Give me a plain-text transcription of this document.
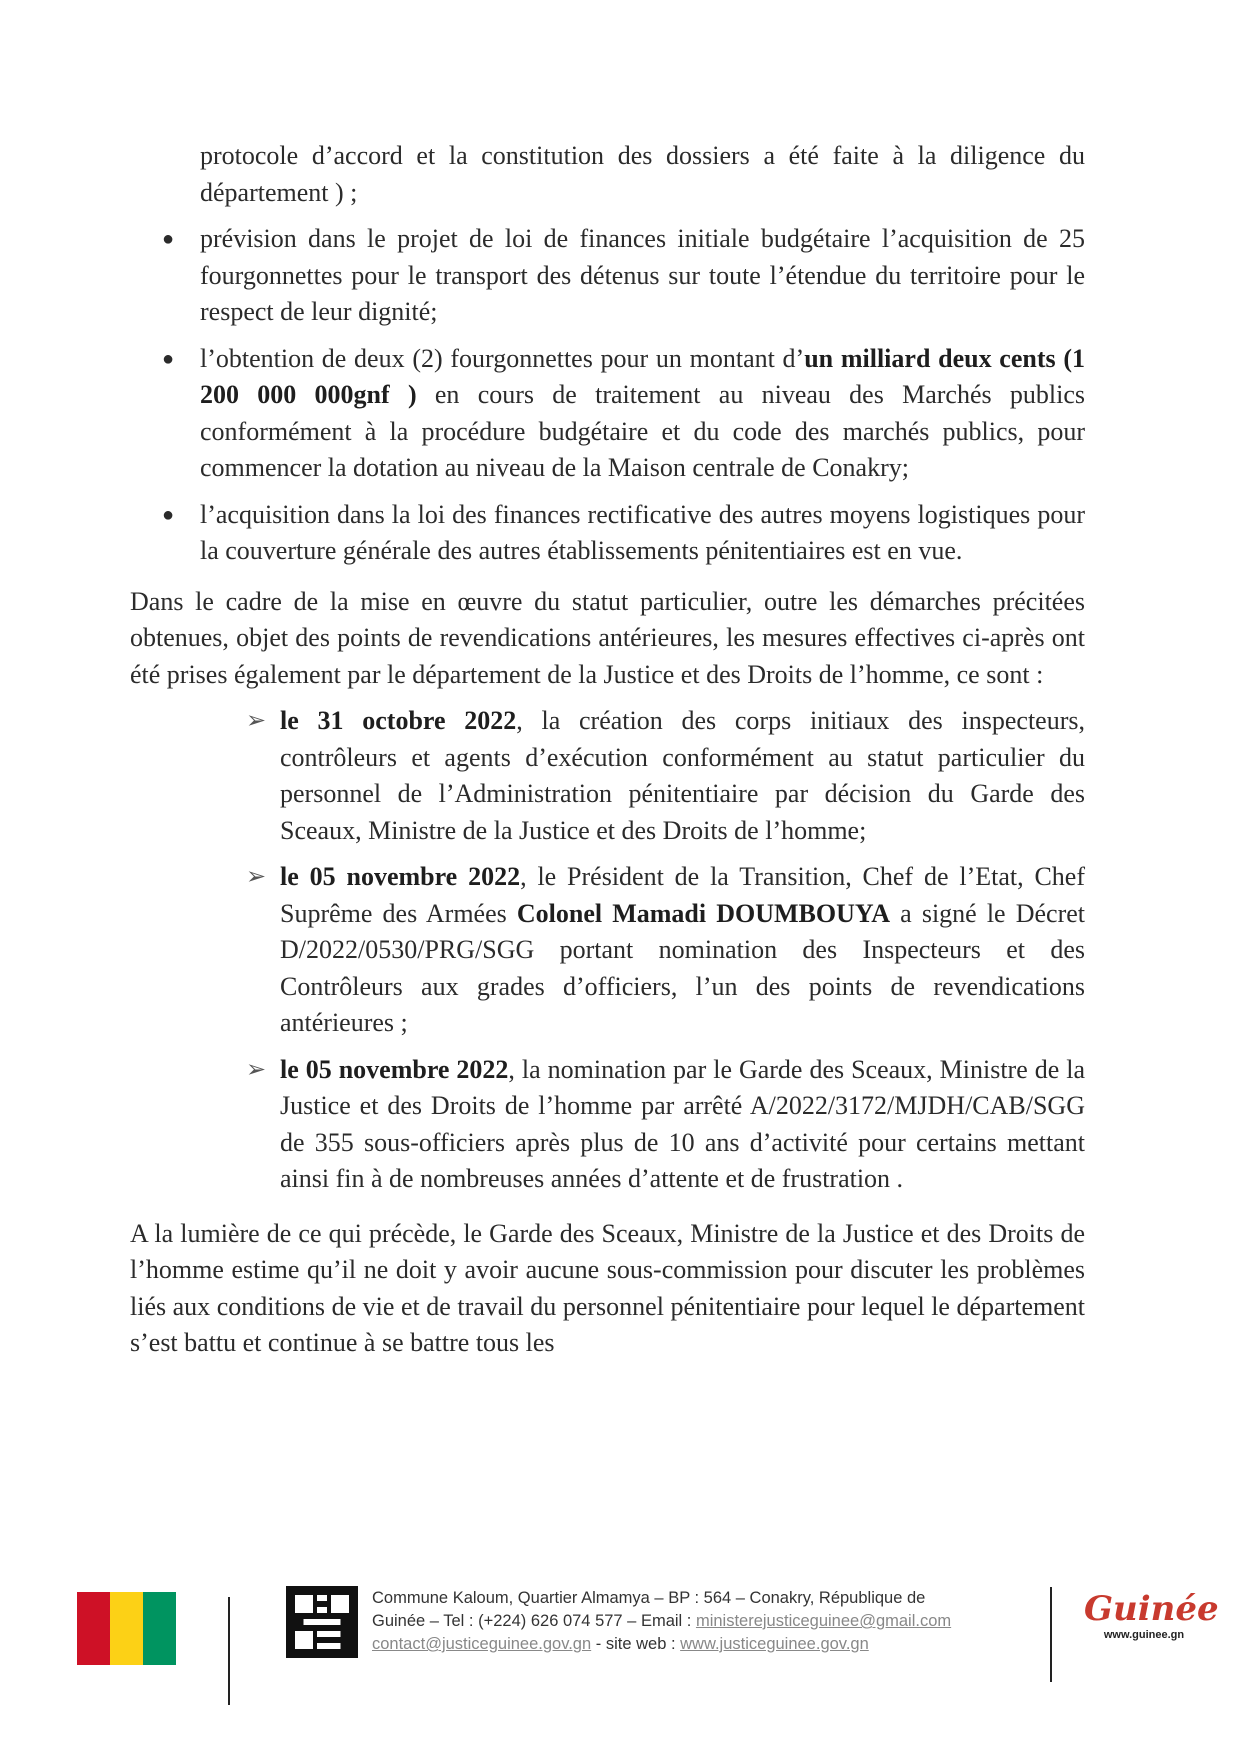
protocole d’accord et la constitution des dossiers a été faite à la diligence du département ) ;

● prévision dans le projet de loi de finances initiale budgétaire l’acquisition de 25 fourgonnettes pour le transport des détenus sur toute l’étendue du territoire pour le respect de leur dignité;

● l’obtention de deux (2) fourgonnettes pour un montant d’un milliard deux cents (1 200 000 000gnf ) en cours de traitement au niveau des Marchés publics conformément à la procédure budgétaire et du code des marchés publics, pour commencer la dotation au niveau de la Maison centrale de Conakry;

● l’acquisition dans la loi des finances rectificative des autres moyens logistiques pour la couverture générale des autres établissements pénitentiaires est en vue.

Dans le cadre de la mise en œuvre du statut particulier, outre les démarches précitées obtenues, objet des points de revendications antérieures, les mesures effectives ci-après ont été prises également par le département de la Justice et des Droits de l’homme, ce sont :

➢ le 31 octobre 2022, la création des corps initiaux des inspecteurs, contrôleurs et agents d’exécution conformément au statut particulier du personnel de l’Administration pénitentiaire par décision du Garde des Sceaux, Ministre de la Justice et des Droits de l’homme;

➢ le 05 novembre 2022, le Président de la Transition, Chef de l’Etat, Chef Suprême des Armées Colonel Mamadi DOUMBOUYA a signé le Décret D/2022/0530/PRG/SGG portant nomination des Inspecteurs et des Contrôleurs aux grades d’officiers, l’un des points de revendications antérieures ;

➢ le 05 novembre 2022, la nomination par le Garde des Sceaux, Ministre de la Justice et des Droits de l’homme par arrêté A/2022/3172/MJDH/CAB/SGG de 355 sous-officiers après plus de 10 ans d’activité pour certains mettant ainsi fin à de nombreuses années d’attente et de frustration .

A la lumière de ce qui précède, le Garde des Sceaux, Ministre de la Justice et des Droits de l’homme estime qu’il ne doit y avoir aucune sous-commission pour discuter les problèmes liés aux conditions de vie et de travail du personnel pénitentiaire pour lequel le département s’est battu et continue à se battre tous les

Commune Kaloum, Quartier Almamya – BP : 564 – Conakry, République de
Guinée – Tel : (+224) 626 074 577 – Email : ministerejusticeguinee@gmail.com
contact@justiceguinee.gov.gn - site web : www.justiceguinee.gov.gn
Guinée
www.guinee.gn
